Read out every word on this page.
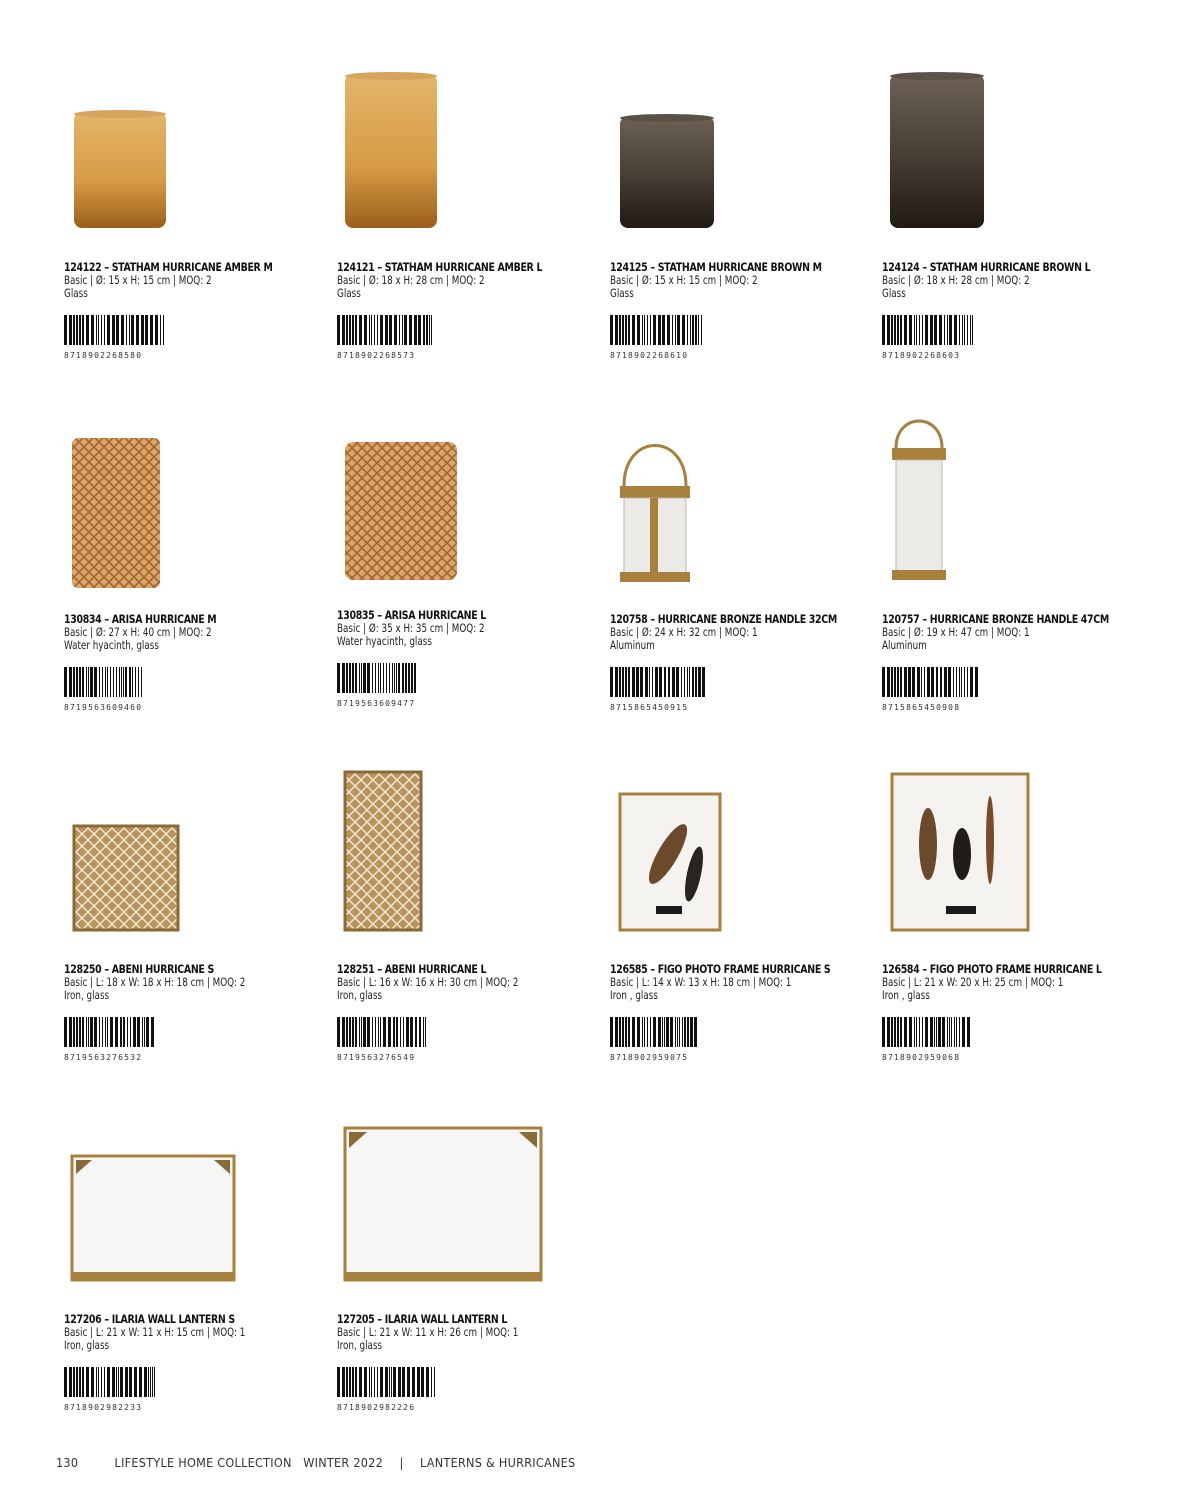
124122 – STATHAM HURRICANE AMBER M
Basic | Ø: 15 x H: 15 cm | MOQ: 2
Glass
8718902268580
124121 – STATHAM HURRICANE AMBER L
Basic | Ø: 18 x H: 28 cm | MOQ: 2
Glass
8718902268573
124125 – STATHAM HURRICANE BROWN M
Basic | Ø: 15 x H: 15 cm | MOQ: 2
Glass
8718902268610
124124 – STATHAM HURRICANE BROWN L
Basic | Ø: 18 x H: 28 cm | MOQ: 2
Glass
8718902268603
130834 – ARISA HURRICANE M
Basic | Ø: 27 x H: 40 cm | MOQ: 2
Water hyacinth, glass
8719563609460
130835 – ARISA HURRICANE L
Basic | Ø: 35 x H: 35 cm | MOQ: 2
Water hyacinth, glass
8719563609477
120758 – HURRICANE BRONZE HANDLE 32CM
Basic | Ø: 24 x H: 32 cm | MOQ: 1
Aluminum
8715865450915
120757 – HURRICANE BRONZE HANDLE 47CM
Basic | Ø: 19 x H: 47 cm | MOQ: 1
Aluminum
8715865450908
128250 – ABENI HURRICANE S
Basic | L: 18 x W: 18 x H: 18 cm | MOQ: 2
Iron, glass
8719563276532
128251 – ABENI HURRICANE L
Basic | L: 16 x W: 16 x H: 30 cm | MOQ: 2
Iron, glass
8719563276549
126585 – FIGO PHOTO FRAME HURRICANE S
Basic | L: 14 x W: 13 x H: 18 cm | MOQ: 1
Iron , glass
8718902959075
126584 – FIGO PHOTO FRAME HURRICANE L
Basic | L: 21 x W: 20 x H: 25 cm | MOQ: 1
Iron , glass
8718902959068
127206 – ILARIA WALL LANTERN S
Basic | L: 21 x W: 11 x H: 15 cm | MOQ: 1
Iron, glass
8718902982233
127205 – ILARIA WALL LANTERN L
Basic | L: 21 x W: 11 x H: 26 cm | MOQ: 1
Iron, glass
8718902982226
130	LIFESTYLE HOME COLLECTION   WINTER 2022 | LANTERNS & HURRICANES
